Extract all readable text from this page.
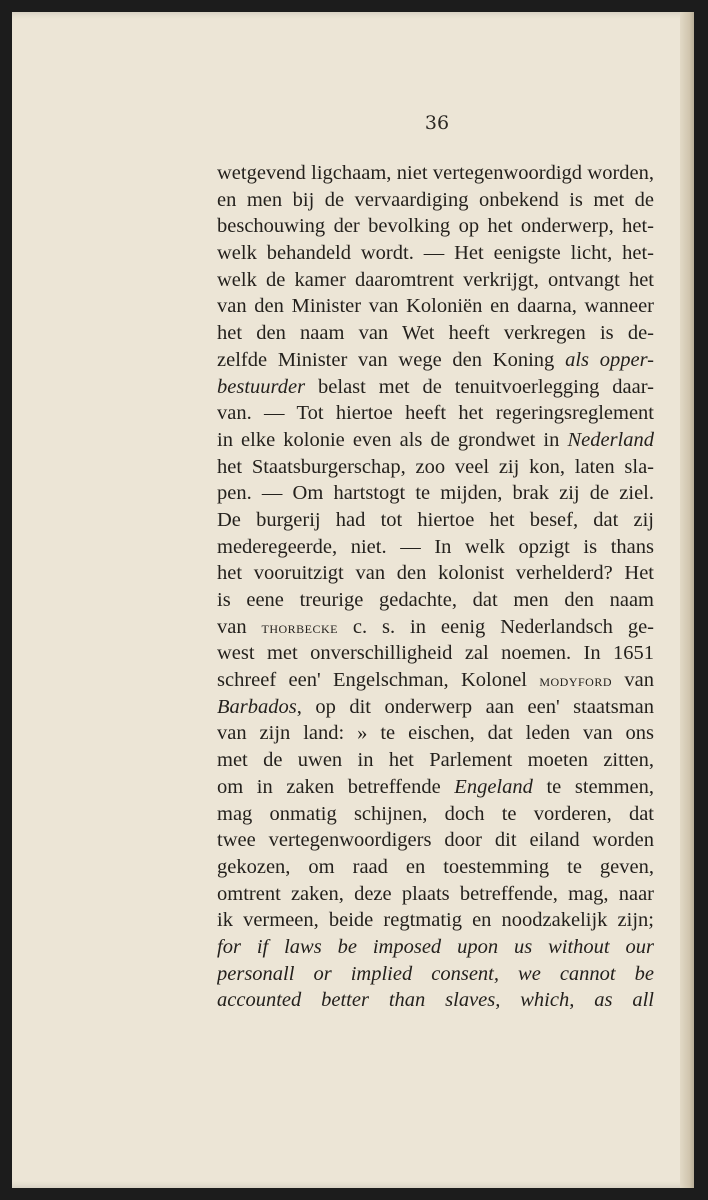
36
wetgevend ligchaam, niet vertegenwoordigd worden,
en men bij de vervaardiging onbekend is met de
beschouwing der bevolking op het onderwerp, het-
welk behandeld wordt. — Het eenigste licht, het-
welk de kamer daaromtrent verkrijgt, ontvangt het
van den Minister van Koloniën en daarna, wanneer
het den naam van Wet heeft verkregen is de-
zelfde Minister van wege den Koning als opper-
bestuurder belast met de tenuitvoerlegging daar-
van. — Tot hiertoe heeft het regeringsreglement
in elke kolonie even als de grondwet in Nederland
het Staatsburgerschap, zoo veel zij kon, laten sla-
pen. — Om hartstogt te mijden, brak zij de ziel.
De burgerij had tot hiertoe het besef, dat zij
mederegeerde, niet. — In welk opzigt is thans
het vooruitzigt van den kolonist verhelderd? Het
is eene treurige gedachte, dat men den naam
van thorbecke c. s. in eenig Nederlandsch ge-
west met onverschilligheid zal noemen. In 1651
schreef een' Engelschman, Kolonel modyford van
Barbados, op dit onderwerp aan een' staatsman
van zijn land: » te eischen, dat leden van ons
met de uwen in het Parlement moeten zitten,
om in zaken betreffende Engeland te stemmen,
mag onmatig schijnen, doch te vorderen, dat
twee vertegenwoordigers door dit eiland worden
gekozen, om raad en toestemming te geven,
omtrent zaken, deze plaats betreffende, mag, naar
ik vermeen, beide regtmatig en noodzakelijk zijn;
for if laws be imposed upon us without our
personall or implied consent, we cannot be
accounted better than slaves, which, as all
